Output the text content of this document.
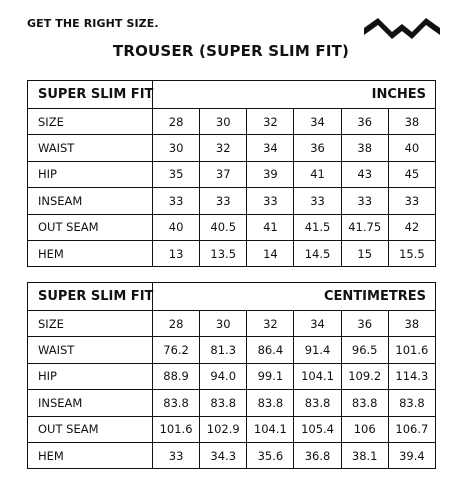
GET THE RIGHT SIZE.
TROUSER (SUPER SLIM FIT)
SUPER SLIM FIT	INCHES					
SIZE	28	30	32	34	36	38
WAIST	30	32	34	36	38	40
HIP	35	37	39	41	43	45
INSEAM	33	33	33	33	33	33
OUT SEAM	40	40.5	41	41.5	41.75	42
HEM	13	13.5	14	14.5	15	15.5
SUPER SLIM FIT	CENTIMETRES					
SIZE	28	30	32	34	36	38
WAIST	76.2	81.3	86.4	91.4	96.5	101.6
HIP	88.9	94.0	99.1	104.1	109.2	114.3
INSEAM	83.8	83.8	83.8	83.8	83.8	83.8
OUT SEAM	101.6	102.9	104.1	105.4	106	106.7
HEM	33	34.3	35.6	36.8	38.1	39.4
